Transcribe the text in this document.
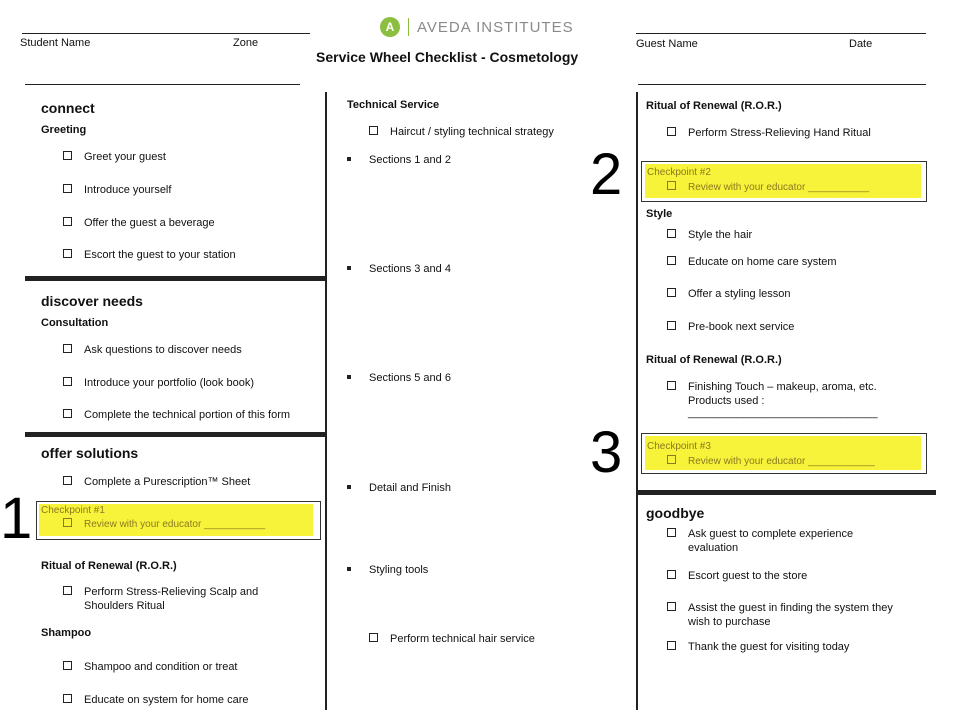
Student Name	Zone
A	AVEDA INSTITUTES
Service Wheel Checklist - Cosmetology
Guest Name	Date
connect
Greeting
Greet your guest
Introduce yourself
Offer the guest a beverage
Escort the guest to your station
discover needs
Consultation
Ask questions to discover needs
Introduce your portfolio (look book)
Complete the technical portion of this form
offer solutions
Complete a Purescription™ Sheet
Checkpoint #1
Review with your educator ___________
Ritual of Renewal (R.O.R.)
Perform Stress-Relieving Scalp and
Shoulders Ritual
Shampoo
Shampoo and condition or treat
Educate on system for home care
Technical Service
Haircut / styling technical strategy
Sections 1 and 2
Sections 3 and 4
Sections 5 and 6
Detail and Finish
Styling tools
Perform technical hair service
Ritual of Renewal (R.O.R.)
Perform Stress-Relieving Hand Ritual
Checkpoint #2
Review with your educator ___________
Style
Style the hair
Educate on home care system
Offer a styling lesson
Pre-book next service
Ritual of Renewal (R.O.R.)
Finishing Touch – makeup, aroma, etc.
Products used :
_______________________________
Checkpoint #3
Review with your educator ____________
goodbye
Ask guest to complete experience
evaluation
Escort guest to the store
Assist the guest in finding the system they
wish to purchase
Thank the guest for visiting today
1
2
3
